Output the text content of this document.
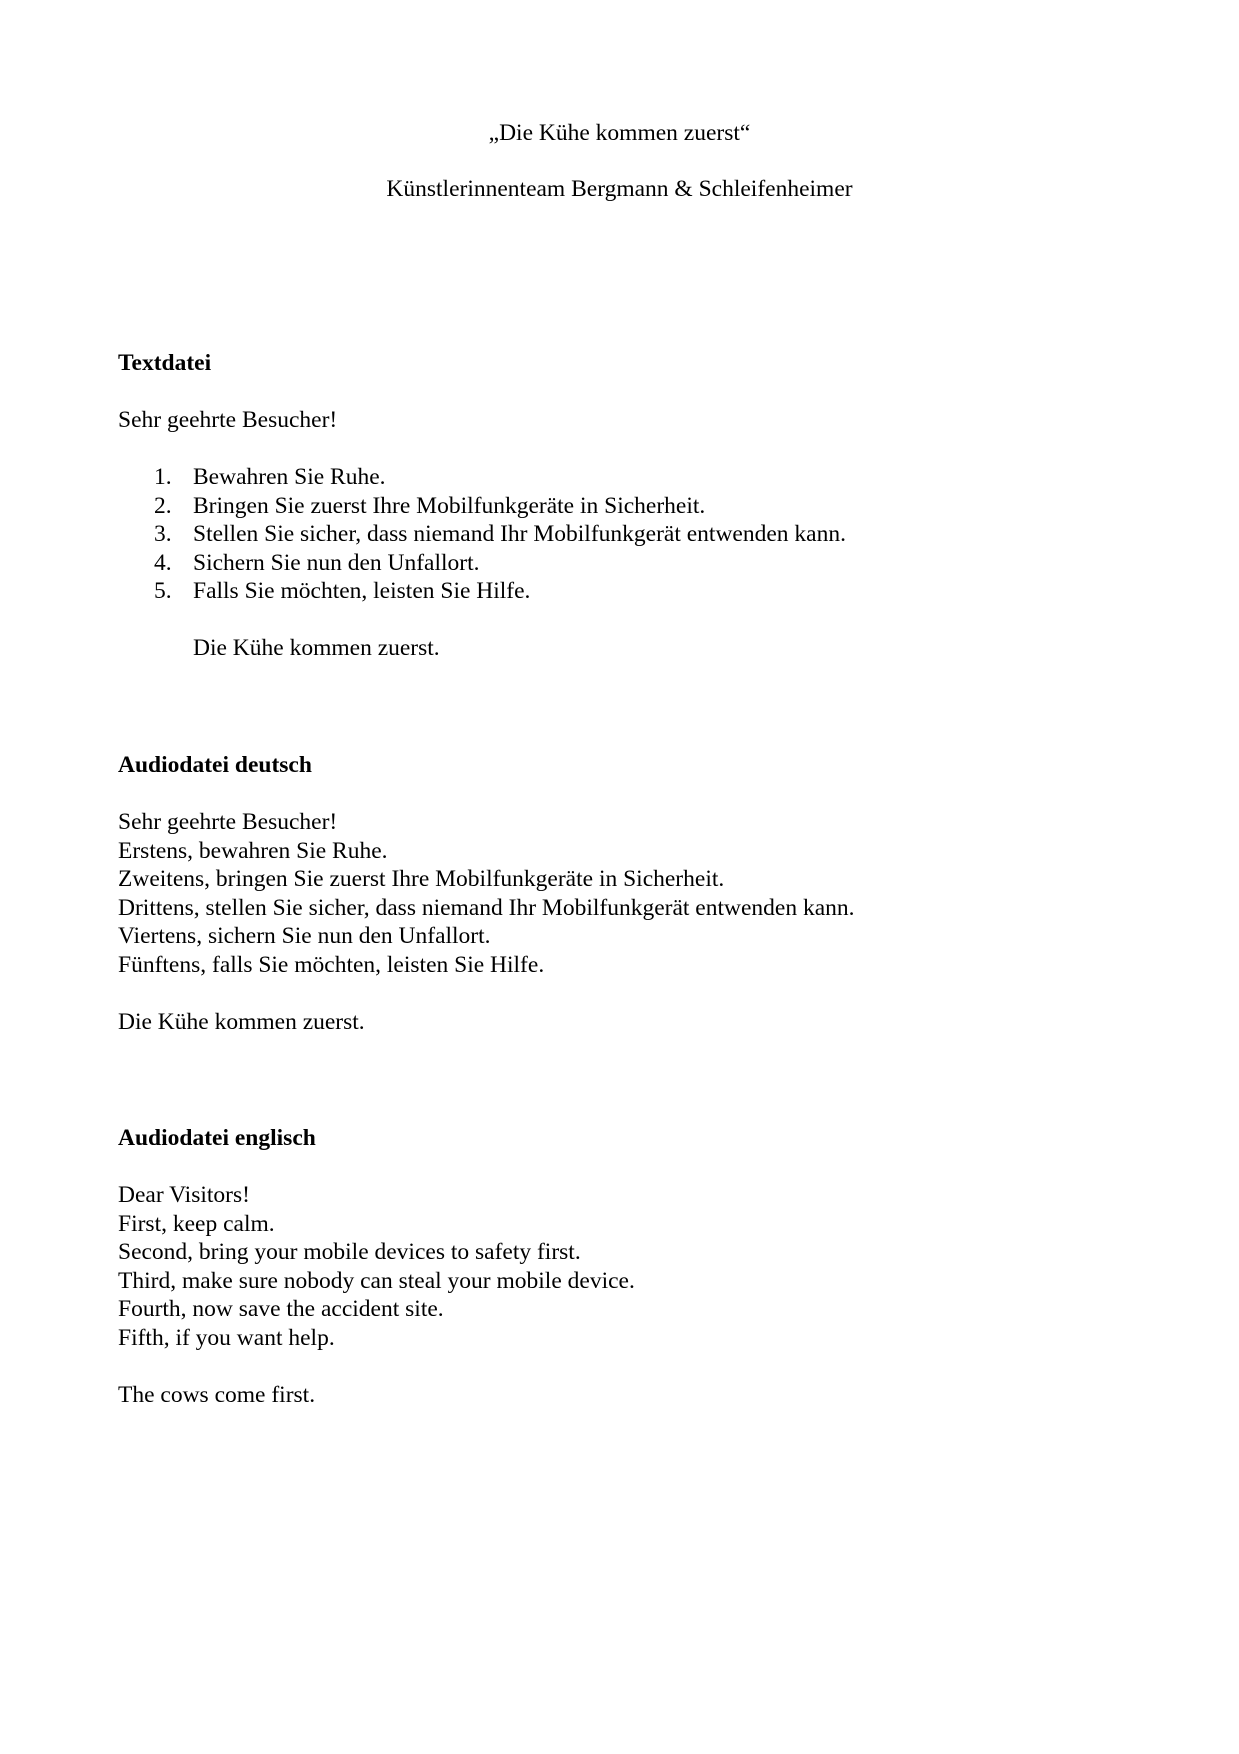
„Die Kühe kommen zuerst“
Künstlerinnenteam Bergmann & Schleifenheimer

Textdatei

Sehr geehrte Besucher!
1. Bewahren Sie Ruhe.
2. Bringen Sie zuerst Ihre Mobilfunkgeräte in Sicherheit.
3. Stellen Sie sicher, dass niemand Ihr Mobilfunkgerät entwenden kann.
4. Sichern Sie nun den Unfallort.
5. Falls Sie möchten, leisten Sie Hilfe.
Die Kühe kommen zuerst.

Audiodatei deutsch

Sehr geehrte Besucher!
Erstens, bewahren Sie Ruhe.
Zweitens, bringen Sie zuerst Ihre Mobilfunkgeräte in Sicherheit.
Drittens, stellen Sie sicher, dass niemand Ihr Mobilfunkgerät entwenden kann.
Viertens, sichern Sie nun den Unfallort.
Fünftens, falls Sie möchten, leisten Sie Hilfe.
Die Kühe kommen zuerst.

Audiodatei englisch

Dear Visitors!
First, keep calm.
Second, bring your mobile devices to safety first.
Third, make sure nobody can steal your mobile device.
Fourth, now save the accident site.
Fifth, if you want help.
The cows come first.
